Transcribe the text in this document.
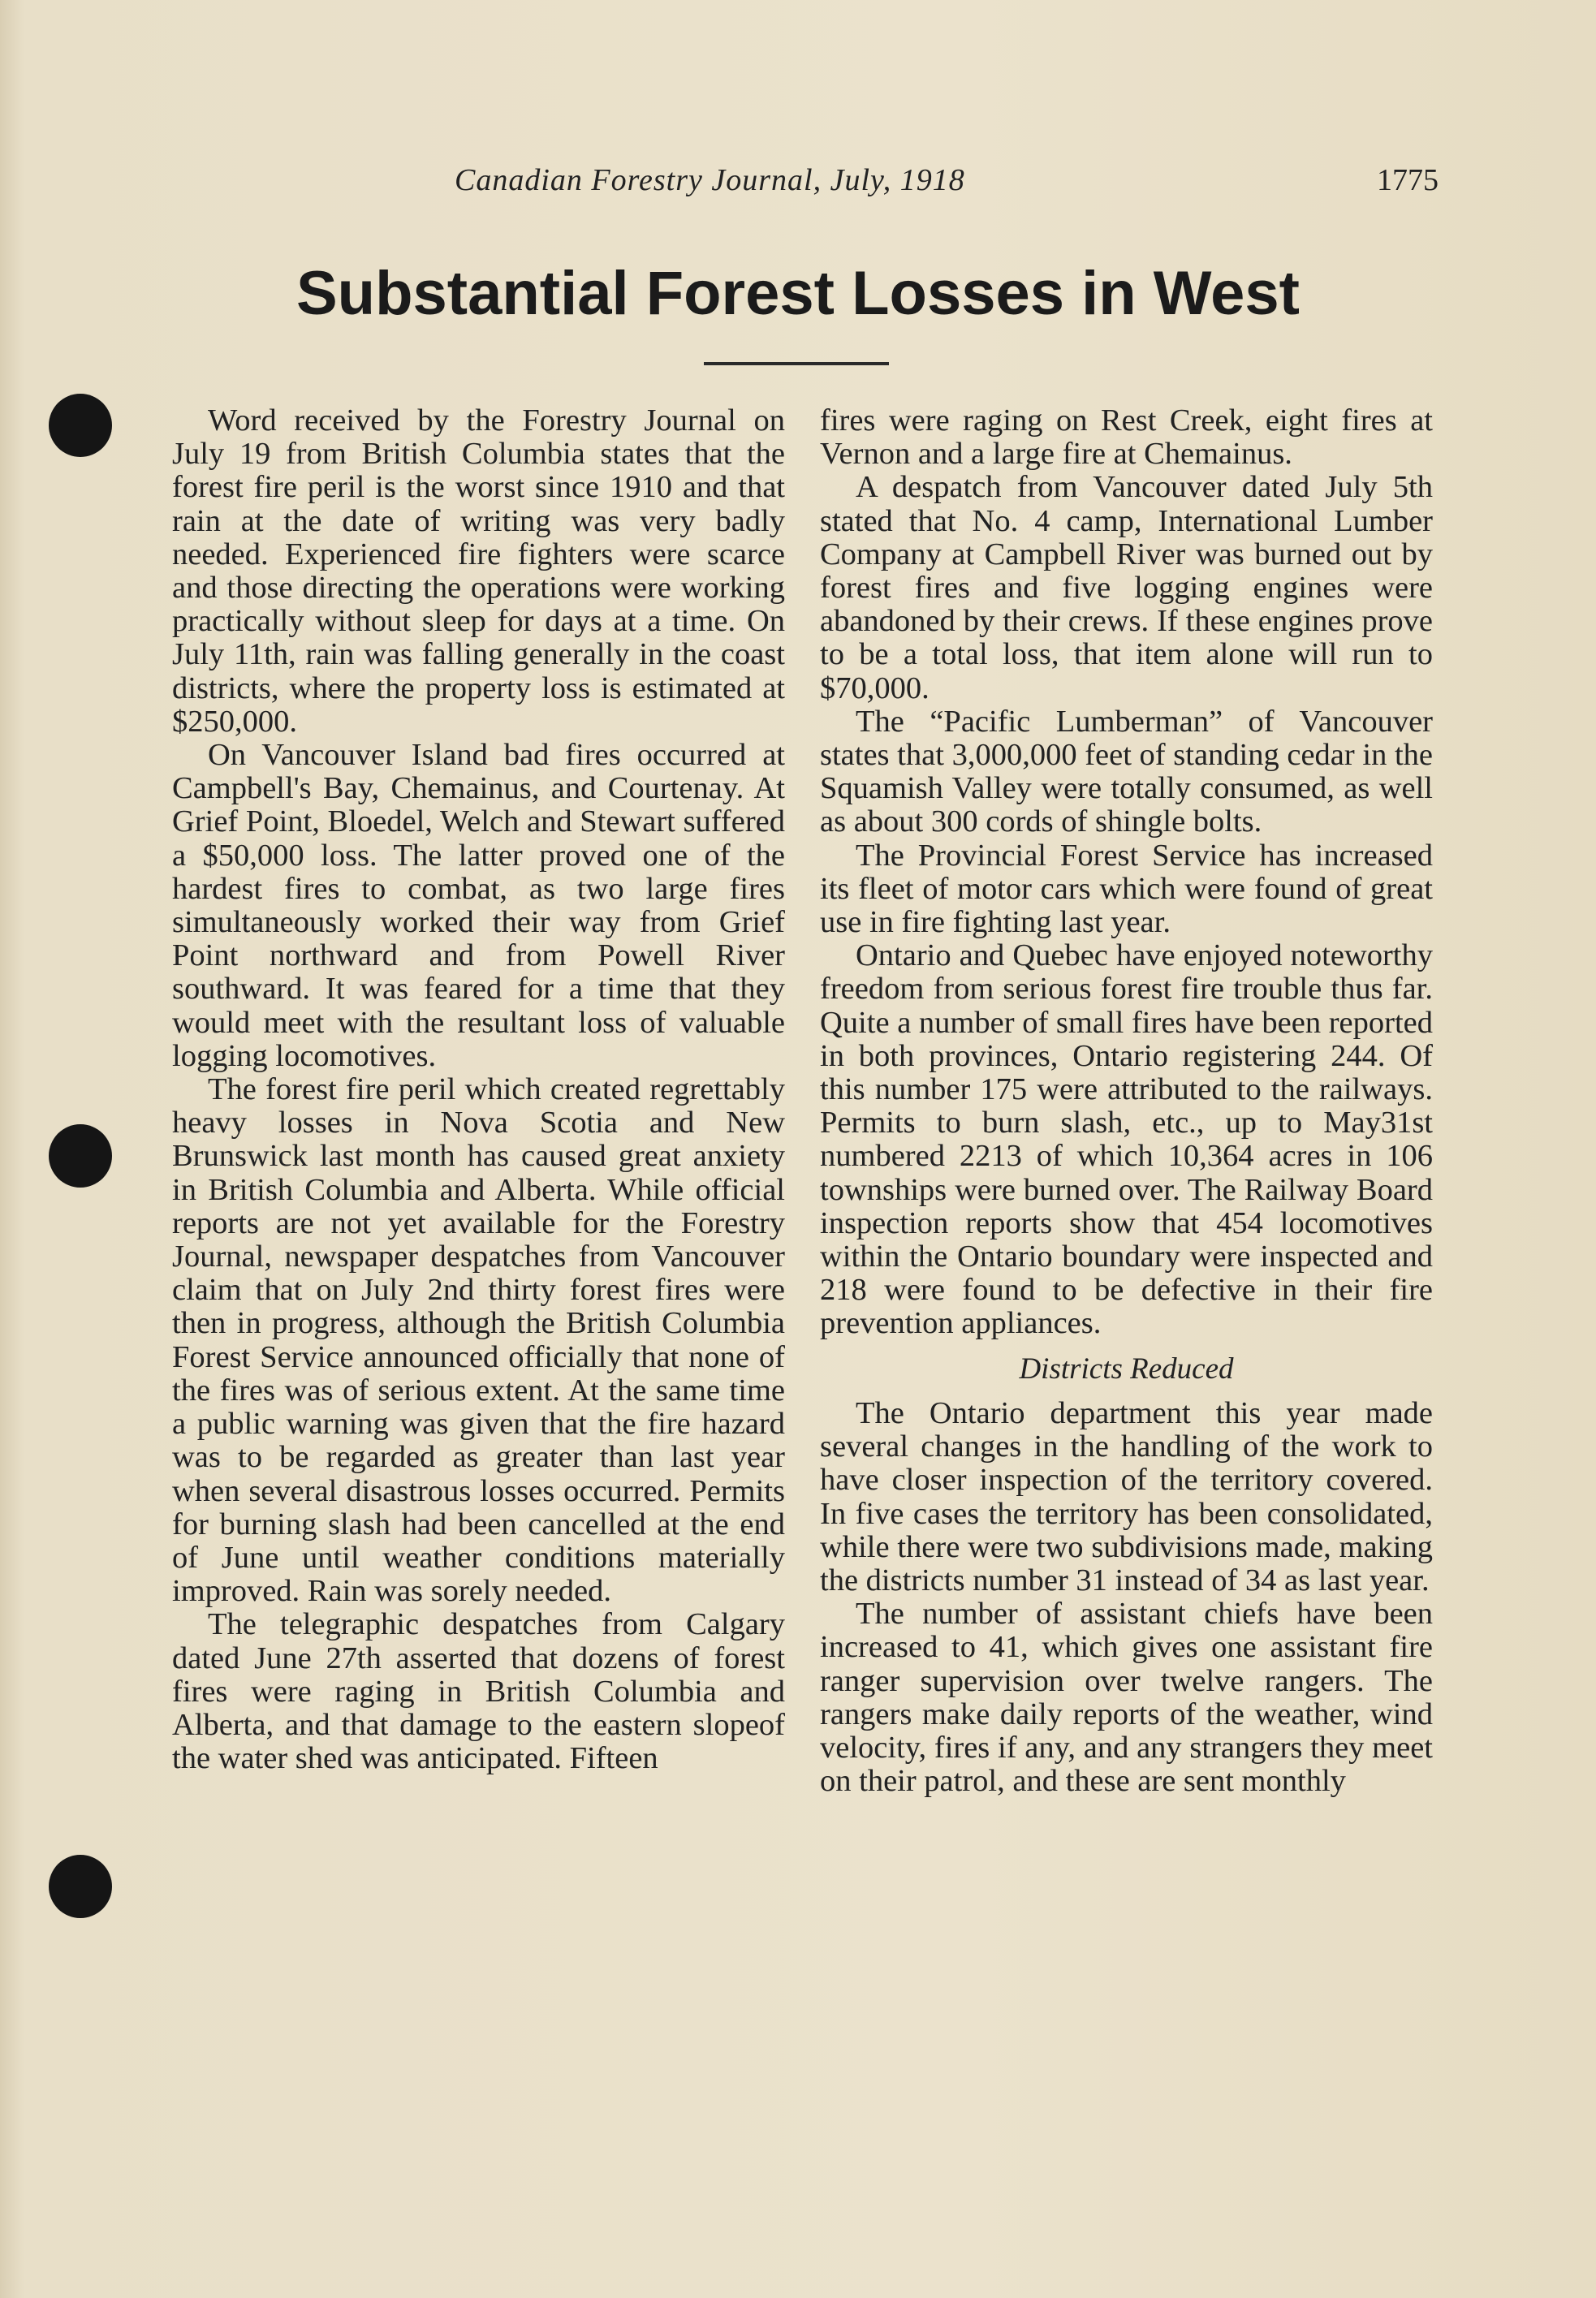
Canadian Forestry Journal, July, 1918	1775
Substantial Forest Losses in West

Word received by the Forestry Journal on July 19 from British Columbia states that the forest fire peril is the worst since 1910 and that rain at the date of writing was very badly needed. Experienced fire fighters were scarce and those directing the operations were working practically without sleep for days at a time. On July 11th, rain was falling generally in the coast districts, where the property loss is estimated at $250,000.

On Vancouver Island bad fires occurred at Campbell's Bay, Chemainus, and Courtenay. At Grief Point, Bloedel, Welch and Stewart suffered a $50,000 loss. The latter proved one of the hardest fires to combat, as two large fires simultaneously worked their way from Grief Point northward and from Powell River southward. It was feared for a time that they would meet with the resultant loss of valuable logging locomotives.

The forest fire peril which created regrettably heavy losses in Nova Scotia and New Brunswick last month has caused great anxiety in British Columbia and Alberta. While official reports are not yet available for the Forestry Journal, newspaper despatches from Vancouver claim that on July 2nd thirty forest fires were then in progress, although the British Columbia Forest Service announced officially that none of the fires was of serious extent. At the same time a public warning was given that the fire hazard was to be regarded as greater than last year when several disastrous losses occurred. Permits for burning slash had been cancelled at the end of June until weather conditions materially improved. Rain was sorely needed.

The telegraphic despatches from Calgary dated June 27th asserted that dozens of forest fires were raging in British Columbia and Alberta, and that damage to the eastern slopeof the water shed was anticipated. Fifteen

fires were raging on Rest Creek, eight fires at Vernon and a large fire at Chemainus.

A despatch from Vancouver dated July 5th stated that No. 4 camp, International Lumber Company at Campbell River was burned out by forest fires and five logging engines were abandoned by their crews. If these engines prove to be a total loss, that item alone will run to $70,000.

The “Pacific Lumberman” of Vancouver states that 3,000,000 feet of standing cedar in the Squamish Valley were totally consumed, as well as about 300 cords of shingle bolts.

The Provincial Forest Service has increased its fleet of motor cars which were found of great use in fire fighting last year.

Ontario and Quebec have enjoyed noteworthy freedom from serious forest fire trouble thus far. Quite a number of small fires have been reported in both provinces, Ontario registering 244. Of this number 175 were attributed to the railways. Permits to burn slash, etc., up to May31st numbered 2213 of which 10,364 acres in 106 townships were burned over. The Railway Board inspection reports show that 454 locomotives within the Ontario boundary were inspected and 218 were found to be defective in their fire prevention appliances.

Districts Reduced

The Ontario department this year made several changes in the handling of the work to have closer inspection of the territory covered. In five cases the territory has been consolidated, while there were two subdivisions made, making the districts number 31 instead of 34 as last year.

The number of assistant chiefs have been increased to 41, which gives one assistant fire ranger supervision over twelve rangers. The rangers make daily reports of the weather, wind velocity, fires if any, and any strangers they meet on their patrol, and these are sent monthly
